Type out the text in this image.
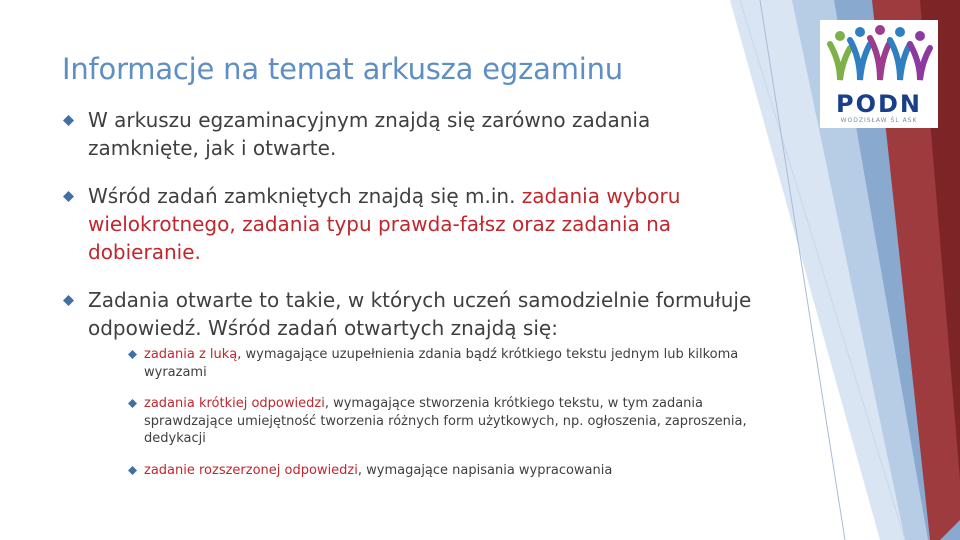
Informacje na temat arkusza egzaminu
PODN
WODZISŁAW ŚL ASK
W arkuszu egzaminacyjnym znajdą się zarówno zadania zamknięte, jak i otwarte.
Wśród zadań zamkniętych znajdą się m.in. zadania wyboru wielokrotnego, zadania typu prawda-fałsz oraz zadania na dobieranie.
Zadania otwarte to takie, w których uczeń samodzielnie formułuje odpowiedź. Wśród zadań otwartych znajdą się:
zadania z luką, wymagające uzupełnienia zdania bądź krótkiego tekstu jednym lub kilkoma wyrazami
zadania krótkiej odpowiedzi, wymagające stworzenia krótkiego tekstu, w tym zadania sprawdzające umiejętność tworzenia różnych form użytkowych, np. ogłoszenia, zaproszenia, dedykacji
zadanie rozszerzonej odpowiedzi, wymagające napisania wypracowania
